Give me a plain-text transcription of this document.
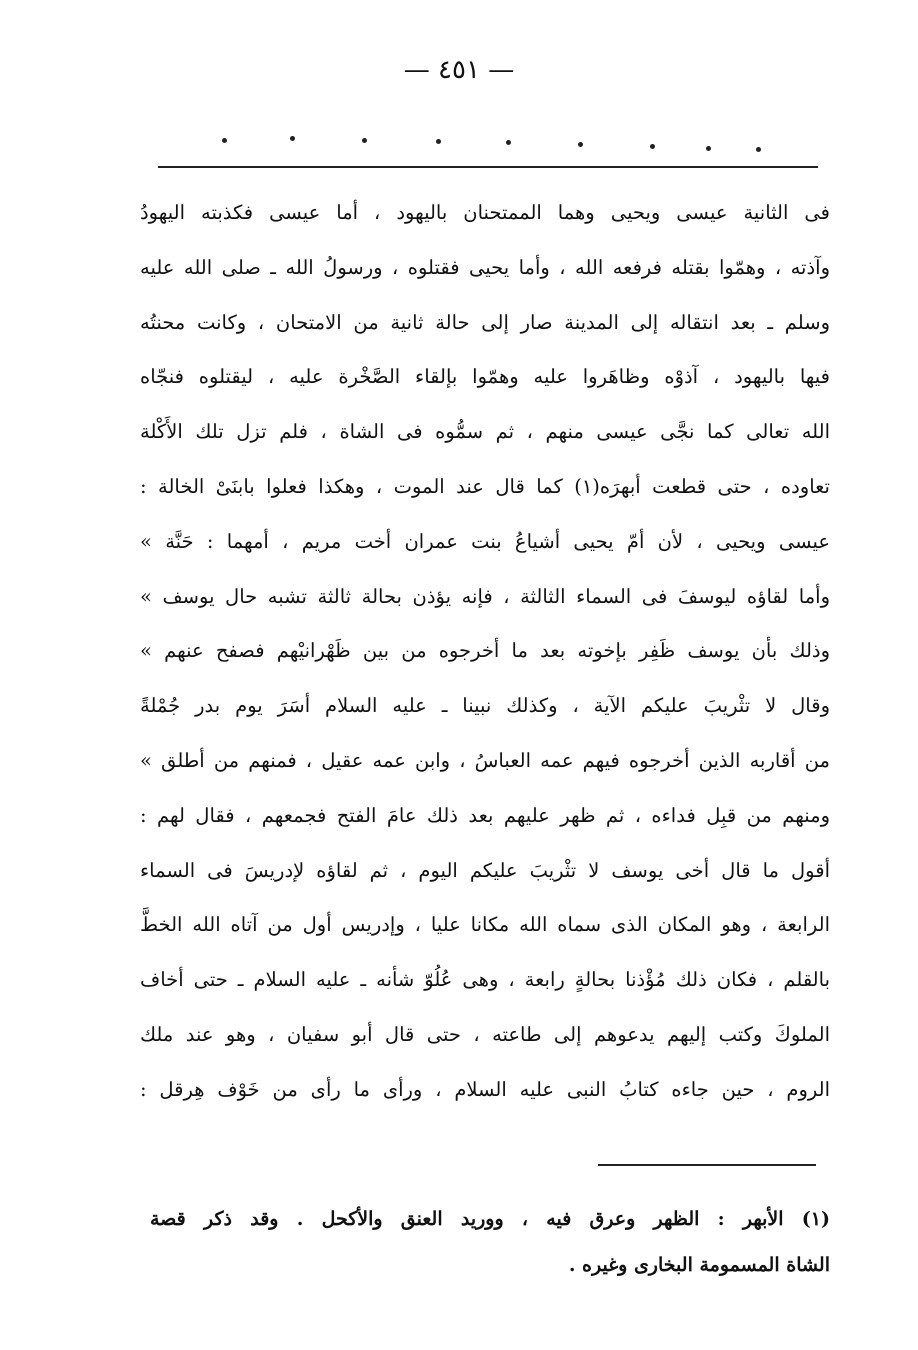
— ٤٥١ —
فى الثانية عيسى ويحيى وهما الممتحنان باليهود ، أما عيسى فكذبته اليهودُ
وآذته ، وهمّوا بقتله فرفعه الله ، وأما يحيى فقتلوه ، ورسولُ الله ـ صلى الله عليه
وسلم ـ بعد انتقاله إلى المدينة صار إلى حالة ثانية من الامتحان ، وكانت محنتُه
فيها باليهود ، آذوْه وظاهَروا عليه وهمّوا بإلقاء الصَّخْرة عليه ، ليقتلوه فنجّاه
الله تعالى كما نجَّى عيسى منهم ، ثم سمُّوه فى الشاة ، فلم تزل تلك الأَكْلة
تعاوده ، حتى قطعت أبهرَه(١) كما قال عند الموت ، وهكذا فعلوا بابنَىْ الخالة :
عيسى ويحيى ، لأن أمّ يحيى أشياعُ بنت عمران أخت مريم ، أمهما : حَنَّة »
وأما لقاؤه ليوسفَ فى السماء الثالثة ، فإنه يؤذن بحالة ثالثة تشبه حال يوسف »
وذلك بأن يوسف ظَفِر بإخوته بعد ما أخرجوه من بين ظَهْرانيْهم فصفح عنهم »
وقال لا تثْريبَ عليكم الآية ، وكذلك نبينا ـ عليه السلام أسَرَ يوم بدر جُمْلةً
من أقاربه الذين أخرجوه فيهم عمه العباسُ ، وابن عمه عقيل ، فمنهم من أطلق »
ومنهم من قبِل فداءه ، ثم ظهر عليهم بعد ذلك عامَ الفتح فجمعهم ، فقال لهم :
أقول ما قال أخى يوسف لا تثْريبَ عليكم اليوم ، ثم لقاؤه لإدريسَ فى السماء
الرابعة ، وهو المكان الذى سماه الله مكانا عليا ، وإدريس أول من آتاه الله الخطَّ
بالقلم ، فكان ذلك مُؤْذنا بحالةٍ رابعة ، وهى عُلُوّ شأنه ـ عليه السلام ـ حتى أخاف
الملوكَ وكتب إليهم يدعوهم إلى طاعته ، حتى قال أبو سفيان ، وهو عند ملك
الروم ، حين جاءه كتابُ النبى عليه السلام ، ورأى ما رأى من خَوْف هِرقل :
(١) الأبهر : الظهر وعرق فيه ، ووريد العنق والأكحل . وقد ذكر قصة
الشاة المسمومة البخارى وغيره .
